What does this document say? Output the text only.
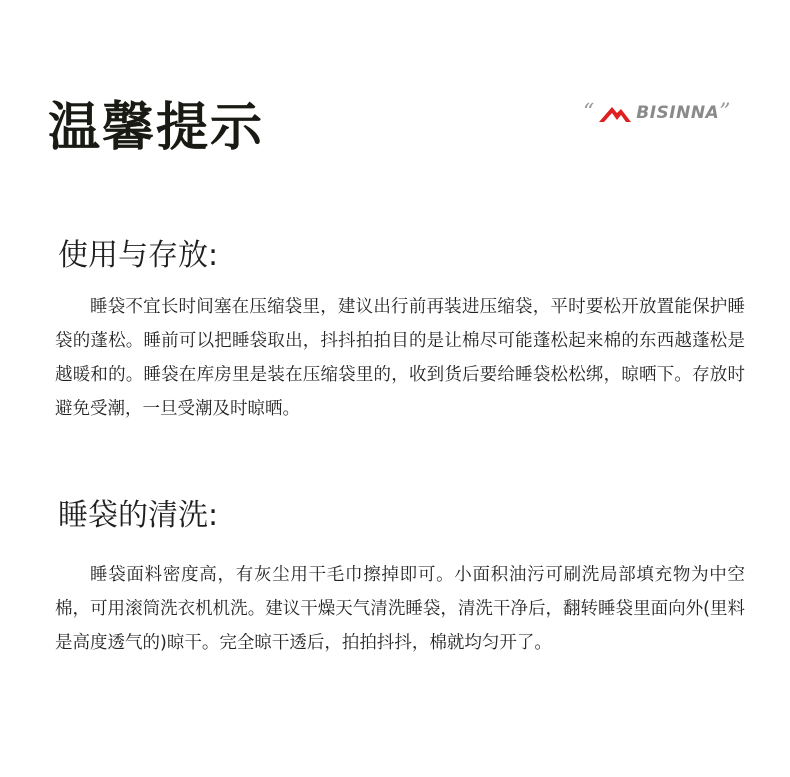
温馨提示	“ BISINNA ”
使用与存放:

睡袋不宜长时间塞在压缩袋里，建议出行前再装进压缩袋，平时要松开放置能保护睡袋的蓬松。睡前可以把睡袋取出，抖抖拍拍目的是让棉尽可能蓬松起来棉的东西越蓬松是越暖和的。睡袋在库房里是装在压缩袋里的，收到货后要给睡袋松松绑，晾晒下。存放时避免受潮，一旦受潮及时晾晒。

睡袋的清洗:

睡袋面料密度高，有灰尘用干毛巾擦掉即可。小面积油污可刷洗局部填充物为中空棉，可用滚筒洗衣机机洗。建议干燥天气清洗睡袋，清洗干净后，翻转睡袋里面向外(里料是高度透气的)晾干。完全晾干透后，拍拍抖抖，棉就均匀开了。
